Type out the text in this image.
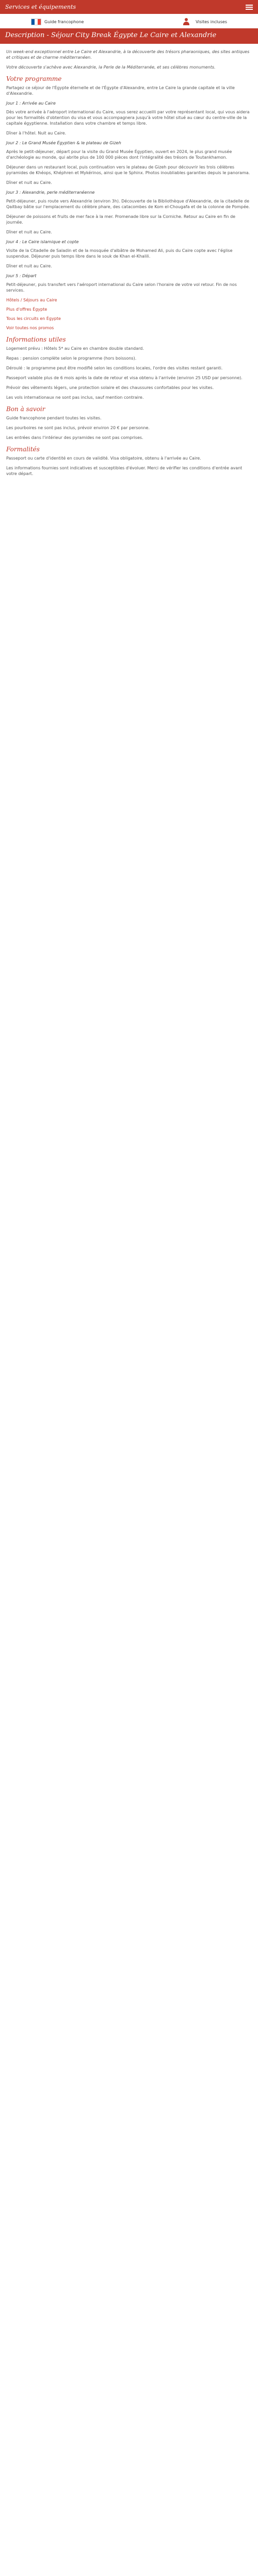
Services et équipements
Guide francophone	Visites incluses
Description - Séjour City Break Égypte Le Caire et Alexandrie

Un week-end exceptionnel entre Le Caire et Alexandrie, à la découverte des trésors pharaoniques, des sites antiques et critiques et de charme méditerranéen.

Votre découverte s'achève avec Alexandrie, la Perle de la Méditerranée, et ses célèbres monuments.

Votre programme

Partagez ce séjour de l'Égypte éternelle et de l'Égypte d'Alexandre, entre Le Caire la grande capitale et la ville d'Alexandrie.

Jour 1 : Arrivée au Caire

Dès votre arrivée à l'aéroport international du Caire, vous serez accueilli par votre représentant local, qui vous aidera pour les formalités d'obtention du visa et vous accompagnera jusqu'à votre hôtel situé au cœur du centre-ville de la capitale égyptienne. Installation dans votre chambre et temps libre.

Dîner à l'hôtel. Nuit au Caire.

Jour 2 : Le Grand Musée Égyptien & le plateau de Gizeh

Après le petit-déjeuner, départ pour la visite du Grand Musée Égyptien, ouvert en 2024, le plus grand musée d'archéologie au monde, qui abrite plus de 100 000 pièces dont l'intégralité des trésors de Toutankhamon.

Déjeuner dans un restaurant local, puis continuation vers le plateau de Gizeh pour découvrir les trois célèbres pyramides de Khéops, Khéphren et Mykérinos, ainsi que le Sphinx. Photos inoubliables garanties depuis le panorama.

Dîner et nuit au Caire.

Jour 3 : Alexandrie, perle méditerranéenne

Petit-déjeuner, puis route vers Alexandrie (environ 3h). Découverte de la Bibliothèque d'Alexandrie, de la citadelle de Qaitbay bâtie sur l'emplacement du célèbre phare, des catacombes de Kom el-Chougafa et de la colonne de Pompée.

Déjeuner de poissons et fruits de mer face à la mer. Promenade libre sur la Corniche. Retour au Caire en fin de journée.

Dîner et nuit au Caire.

Jour 4 : Le Caire islamique et copte

Visite de la Citadelle de Saladin et de la mosquée d'albâtre de Mohamed Ali, puis du Caire copte avec l'église suspendue. Déjeuner puis temps libre dans le souk de Khan el-Khalili.

Dîner et nuit au Caire.

Jour 5 : Départ

Petit-déjeuner, puis transfert vers l'aéroport international du Caire selon l'horaire de votre vol retour. Fin de nos services.

Hôtels / Séjours au Caire
Plus d'offres Égypte
Tous les circuits en Égypte
Voir toutes nos promos
Informations utiles

Logement prévu : Hôtels 5* au Caire en chambre double standard.

Repas : pension complète selon le programme (hors boissons).

Déroulé : le programme peut être modifié selon les conditions locales, l'ordre des visites restant garanti.

Passeport valable plus de 6 mois après la date de retour et visa obtenu à l'arrivée (environ 25 USD par personne).

Prévoir des vêtements légers, une protection solaire et des chaussures confortables pour les visites.

Les vols internationaux ne sont pas inclus, sauf mention contraire.

Bon à savoir

Guide francophone pendant toutes les visites.

Les pourboires ne sont pas inclus, prévoir environ 20 € par personne.

Les entrées dans l'intérieur des pyramides ne sont pas comprises.

Formalités

Passeport ou carte d'identité en cours de validité. Visa obligatoire, obtenu à l'arrivée au Caire.

Les informations fournies sont indicatives et susceptibles d'évoluer. Merci de vérifier les conditions d'entrée avant votre départ.
